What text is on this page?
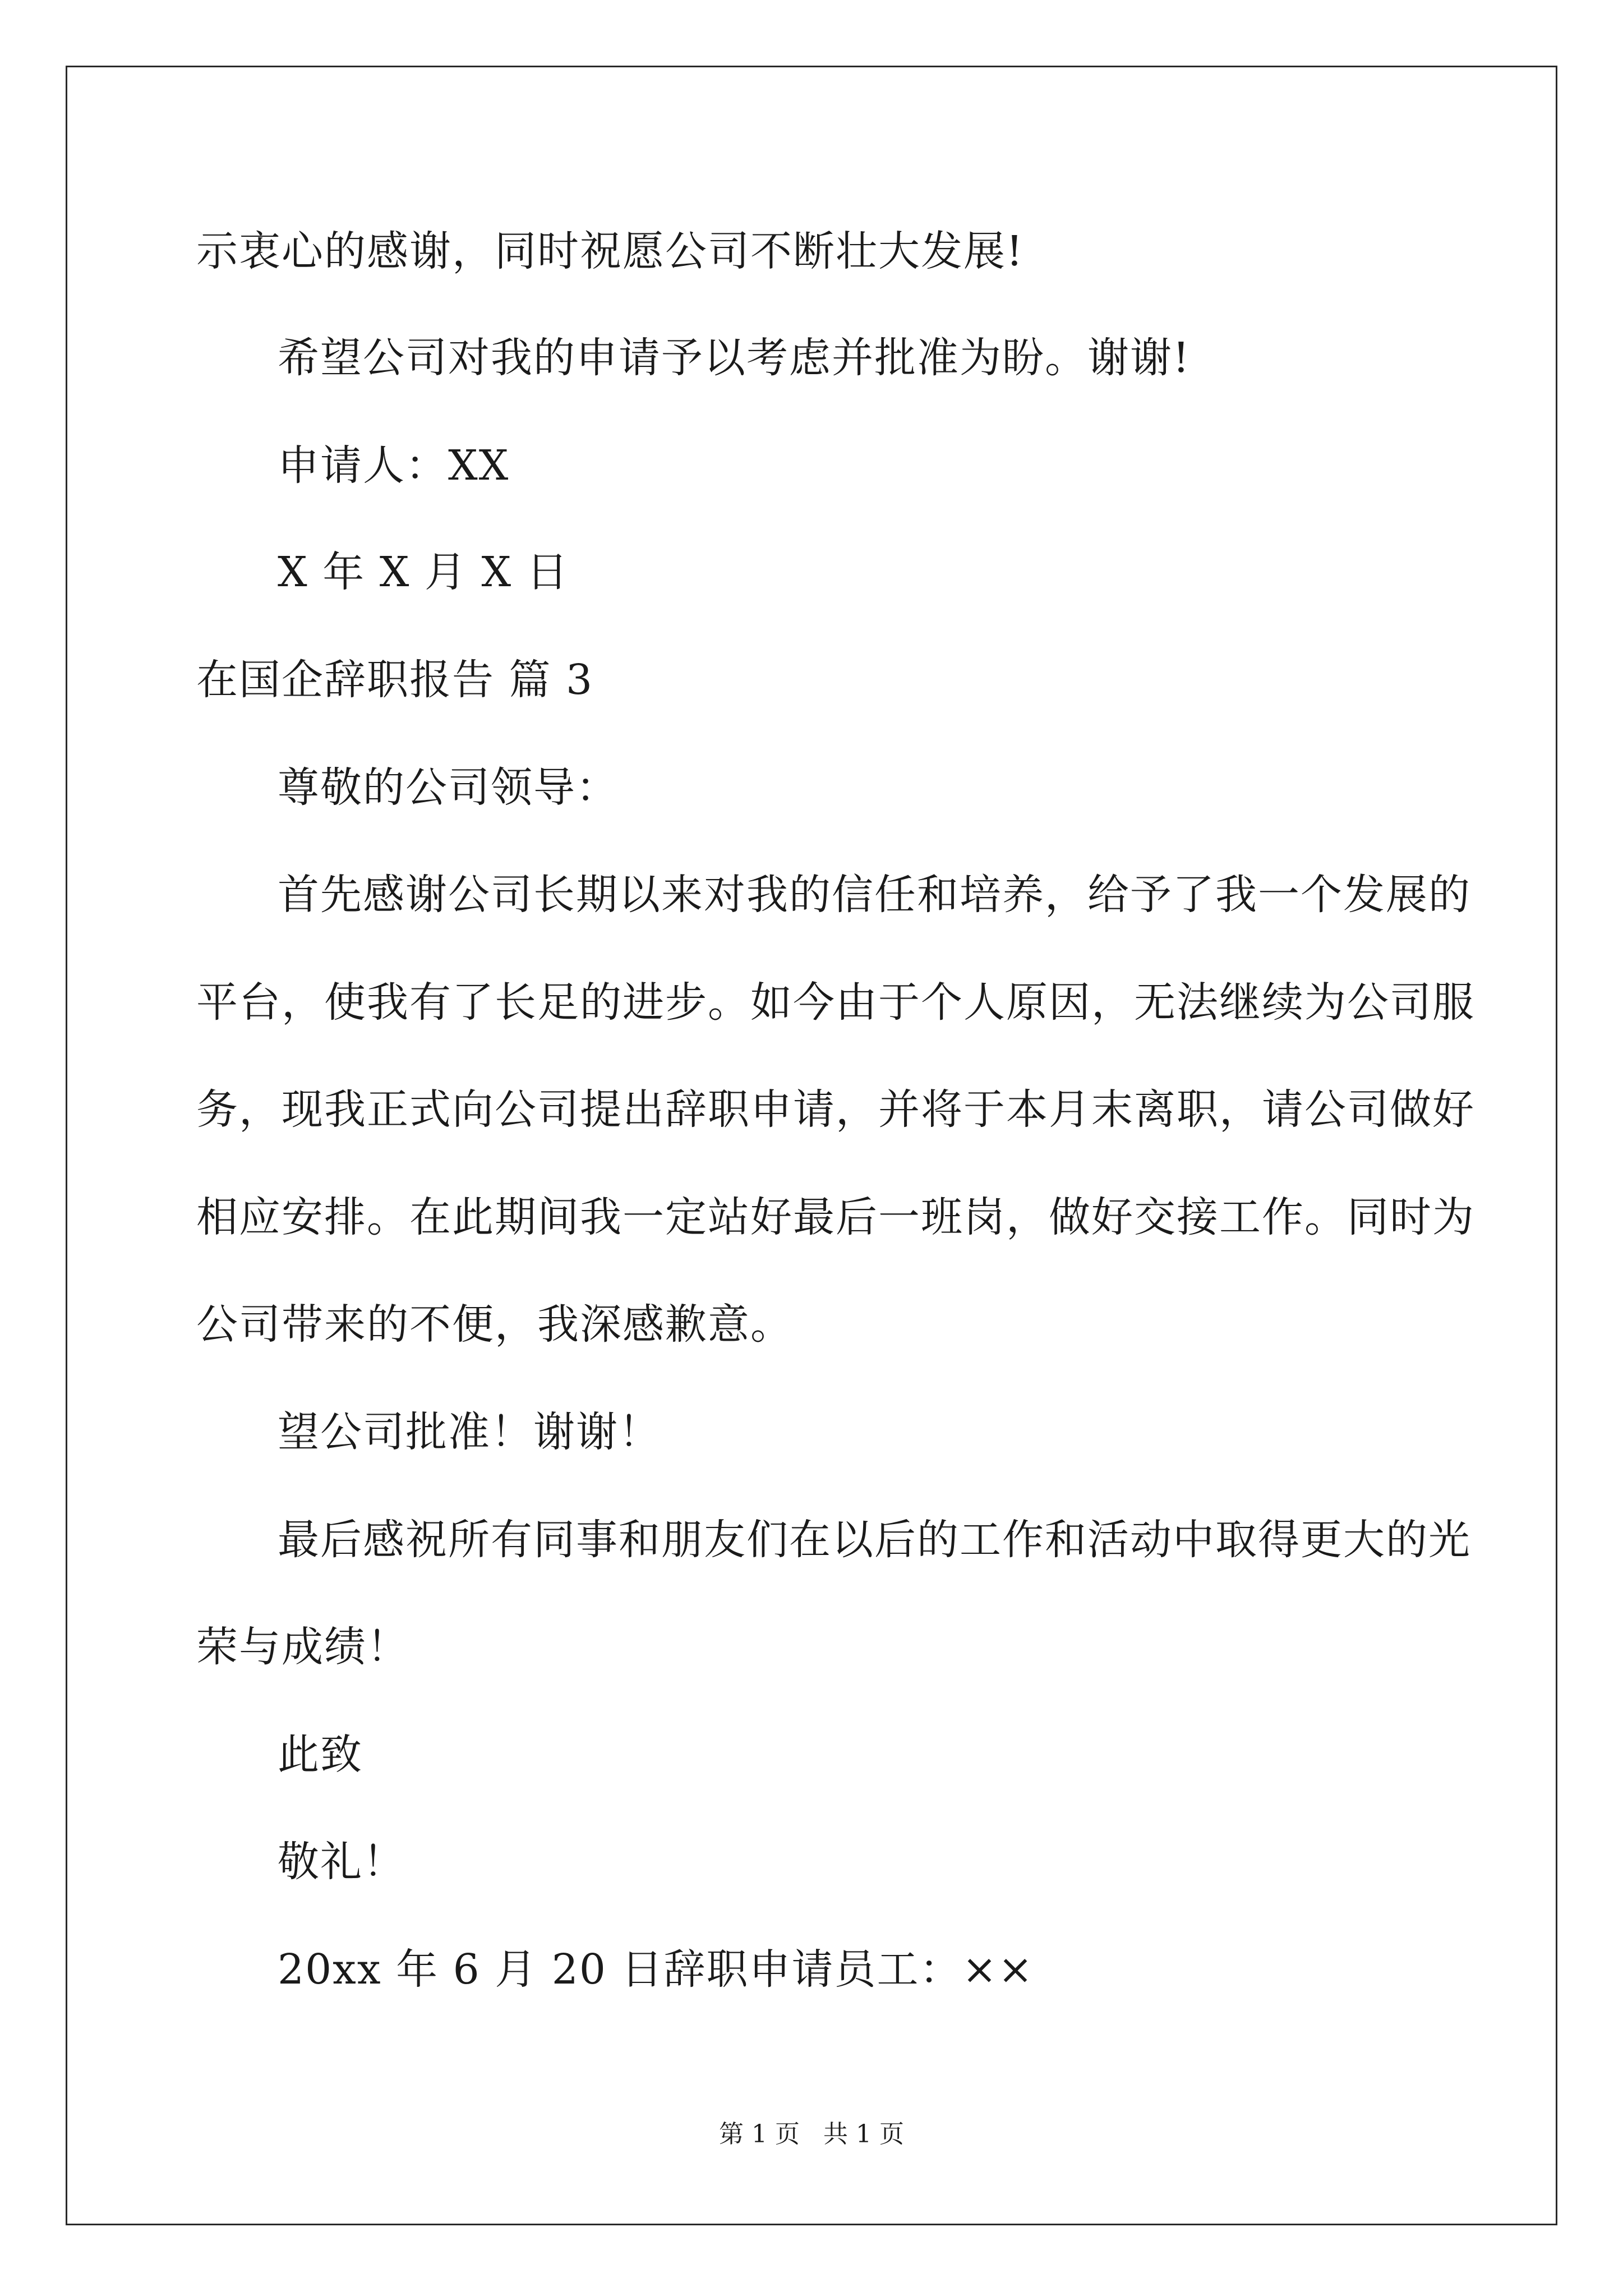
示衷心的感谢，同时祝愿公司不断壮大发展!
希望公司对我的申请予以考虑并批准为盼。谢谢!
申请人：XX
X 年 X 月 X 日
在国企辞职报告 篇 3
尊敬的公司领导：
首先感谢公司长期以来对我的信任和培养，给予了我一个发展的
平台，使我有了长足的进步。如今由于个人原因，无法继续为公司服
务，现我正式向公司提出辞职申请，并将于本月末离职，请公司做好
相应安排。在此期间我一定站好最后一班岗，做好交接工作。同时为
公司带来的不便，我深感歉意。
望公司批准！谢谢！
最后感祝所有同事和朋友们在以后的工作和活动中取得更大的光
荣与成绩！
此致
敬礼！
20xx 年 6 月 20 日辞职申请员工：××
第 1 页 共 1 页
